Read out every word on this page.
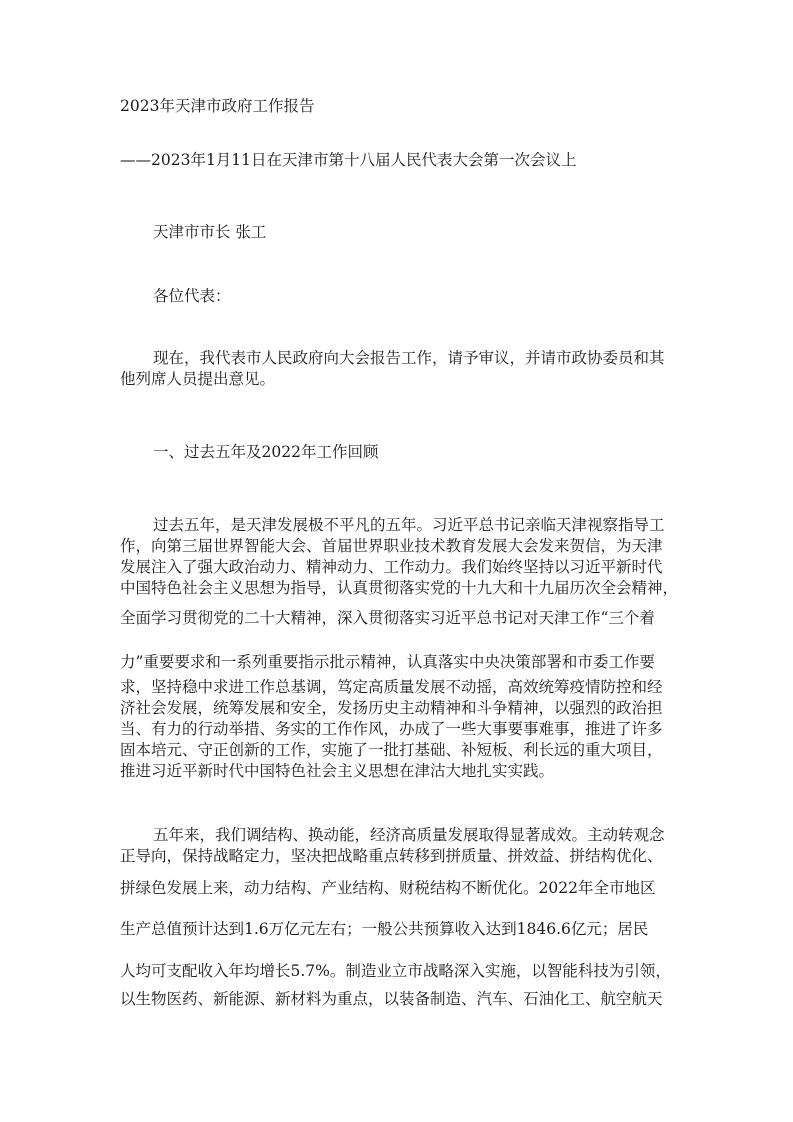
2023年天津市政府工作报告

——2023年1月11日在天津市第十八届人民代表大会第一次会议上

天津市市长 张工

各位代表：

现在，我代表市人民政府向大会报告工作，请予审议，并请市政协委员和其
他列席人员提出意见。

一、过去五年及2022年工作回顾

过去五年，是天津发展极不平凡的五年。习近平总书记亲临天津视察指导工
作，向第三届世界智能大会、首届世界职业技术教育发展大会发来贺信，为天津
发展注入了强大政治动力、精神动力、工作动力。我们始终坚持以习近平新时代
中国特色社会主义思想为指导，认真贯彻落实党的十九大和十九届历次全会精神，

全面学习贯彻党的二十大精神，深入贯彻落实习近平总书记对天津工作“三个着

力”重要要求和一系列重要指示批示精神，认真落实中央决策部署和市委工作要

求，坚持稳中求进工作总基调，笃定高质量发展不动摇，高效统筹疫情防控和经
济社会发展，统筹发展和安全，发扬历史主动精神和斗争精神，以强烈的政治担
当、有力的行动举措、务实的工作作风，办成了一些大事要事难事，推进了许多
固本培元、守正创新的工作，实施了一批打基础、补短板、利长远的重大项目，
推进习近平新时代中国特色社会主义思想在津沽大地扎实实践。
五年来，我们调结构、换动能，经济高质量发展取得显著成效。主动转观念
正导向，保持战略定力，坚决把战略重点转移到拼质量、拼效益、拼结构优化、

拼绿色发展上来，动力结构、产业结构、财税结构不断优化。2022年全市地区

生产总值预计达到1.6万亿元左右；一般公共预算收入达到1846.6亿元；居民

人均可支配收入年均增长5.7%。制造业立市战略深入实施，以智能科技为引领，

以生物医药、新能源、新材料为重点，以装备制造、汽车、石油化工、航空航天
